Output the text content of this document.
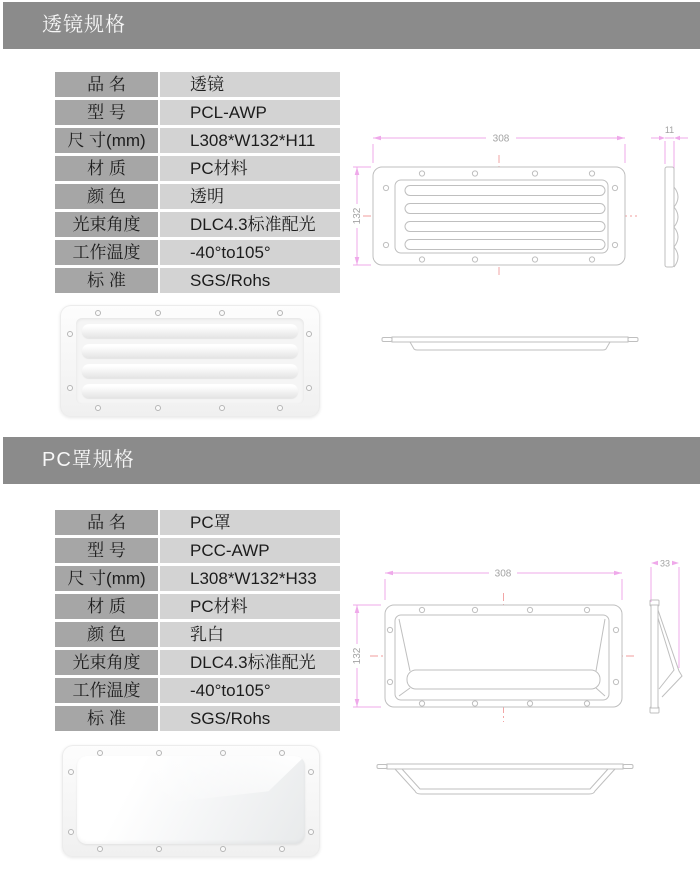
透镜规格
品 名	透镜
型 号	PCL-AWP
尺 寸(mm)	L308*W132*H11
材 质	PC材料
颜 色	透明
光束角度	DLC4.3标准配光
工作温度	-40°to105°
标 准	SGS/Rohs
308
132
11
PC罩规格
品 名	PC罩
型 号	PCC-AWP
尺 寸(mm)	L308*W132*H33
材 质	PC材料
颜 色	乳白
光束角度	DLC4.3标准配光
工作温度	-40°to105°
标 准	SGS/Rohs
308
132
33
